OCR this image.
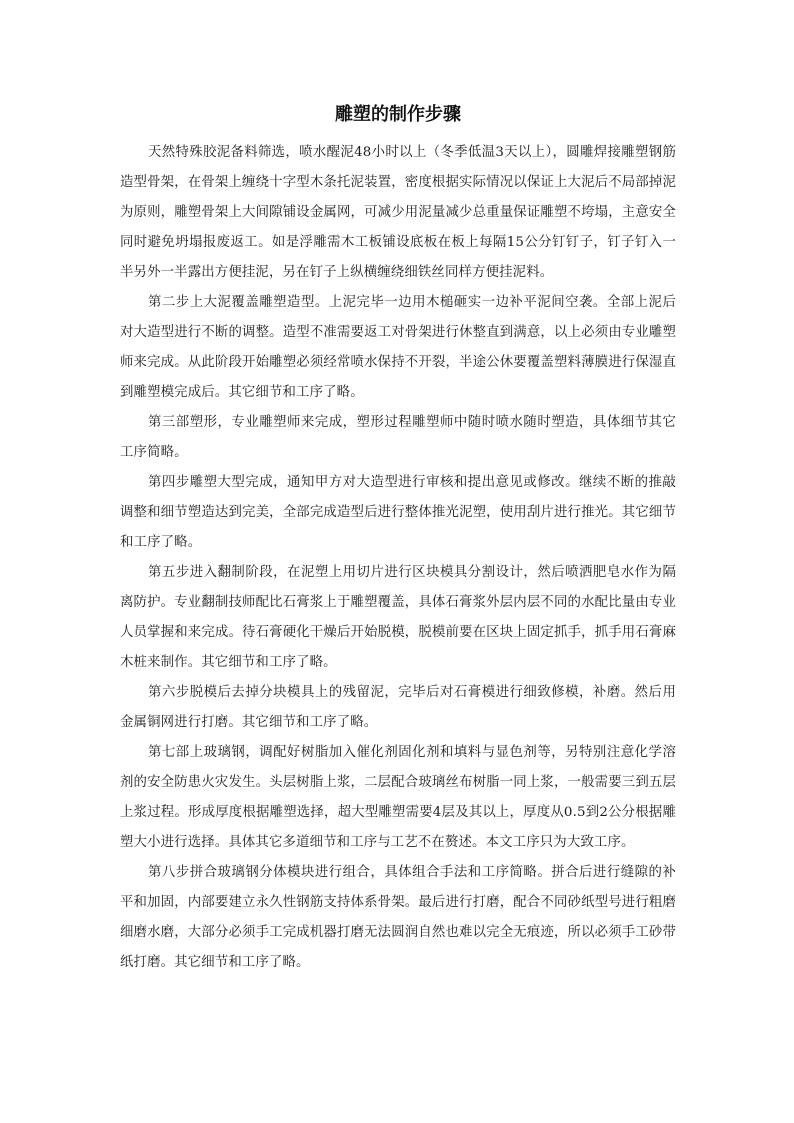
雕塑的制作步骤

天然特殊胶泥备料筛选，喷水醒泥48小时以上（冬季低温3天以上），圆雕焊接雕塑钢筋造型骨架，在骨架上缠绕十字型木条托泥装置，密度根据实际情况以保证上大泥后不局部掉泥为原则，雕塑骨架上大间隙铺设金属网，可减少用泥量减少总重量保证雕塑不垮塌，主意安全同时避免坍塌报废返工。如是浮雕需木工板铺设底板在板上每隔15公分钉钉子，钉子钉入一半另外一半露出方便挂泥，另在钉子上纵横缠绕细铁丝同样方便挂泥料。

第二步上大泥覆盖雕塑造型。上泥完毕一边用木槌砸实一边补平泥间空袭。全部上泥后对大造型进行不断的调整。造型不准需要返工对骨架进行休整直到满意，以上必须由专业雕塑师来完成。从此阶段开始雕塑必须经常喷水保持不开裂，半途公休要覆盖塑料薄膜进行保湿直到雕塑模完成后。其它细节和工序了略。

第三部塑形，专业雕塑师来完成，塑形过程雕塑师中随时喷水随时塑造，具体细节其它工序简略。

第四步雕塑大型完成，通知甲方对大造型进行审核和提出意见或修改。继续不断的推敲调整和细节塑造达到完美，全部完成造型后进行整体推光泥塑，使用刮片进行推光。其它细节和工序了略。

第五步进入翻制阶段，在泥塑上用切片进行区块模具分割设计，然后喷洒肥皂水作为隔离防护。专业翻制技师配比石膏浆上于雕塑覆盖，具体石膏浆外层内层不同的水配比量由专业人员掌握和来完成。待石膏硬化干燥后开始脱模，脱模前要在区块上固定抓手，抓手用石膏麻木桩来制作。其它细节和工序了略。

第六步脱模后去掉分块模具上的残留泥，完毕后对石膏模进行细致修模，补磨。然后用金属铜网进行打磨。其它细节和工序了略。

第七部上玻璃钢，调配好树脂加入催化剂固化剂和填料与显色剂等，另特别注意化学溶剂的安全防患火灾发生。头层树脂上浆，二层配合玻璃丝布树脂一同上浆，一般需要三到五层上浆过程。形成厚度根据雕塑选择，超大型雕塑需要4层及其以上，厚度从0.5到2公分根据雕塑大小进行选择。具体其它多道细节和工序与工艺不在赘述。本文工序只为大致工序。

第八步拼合玻璃钢分体模块进行组合，具体组合手法和工序简略。拼合后进行缝隙的补平和加固，内部要建立永久性钢筋支持体系骨架。最后进行打磨，配合不同砂纸型号进行粗磨细磨水磨，大部分必须手工完成机器打磨无法圆润自然也难以完全无痕迹，所以必须手工砂带纸打磨。其它细节和工序了略。
